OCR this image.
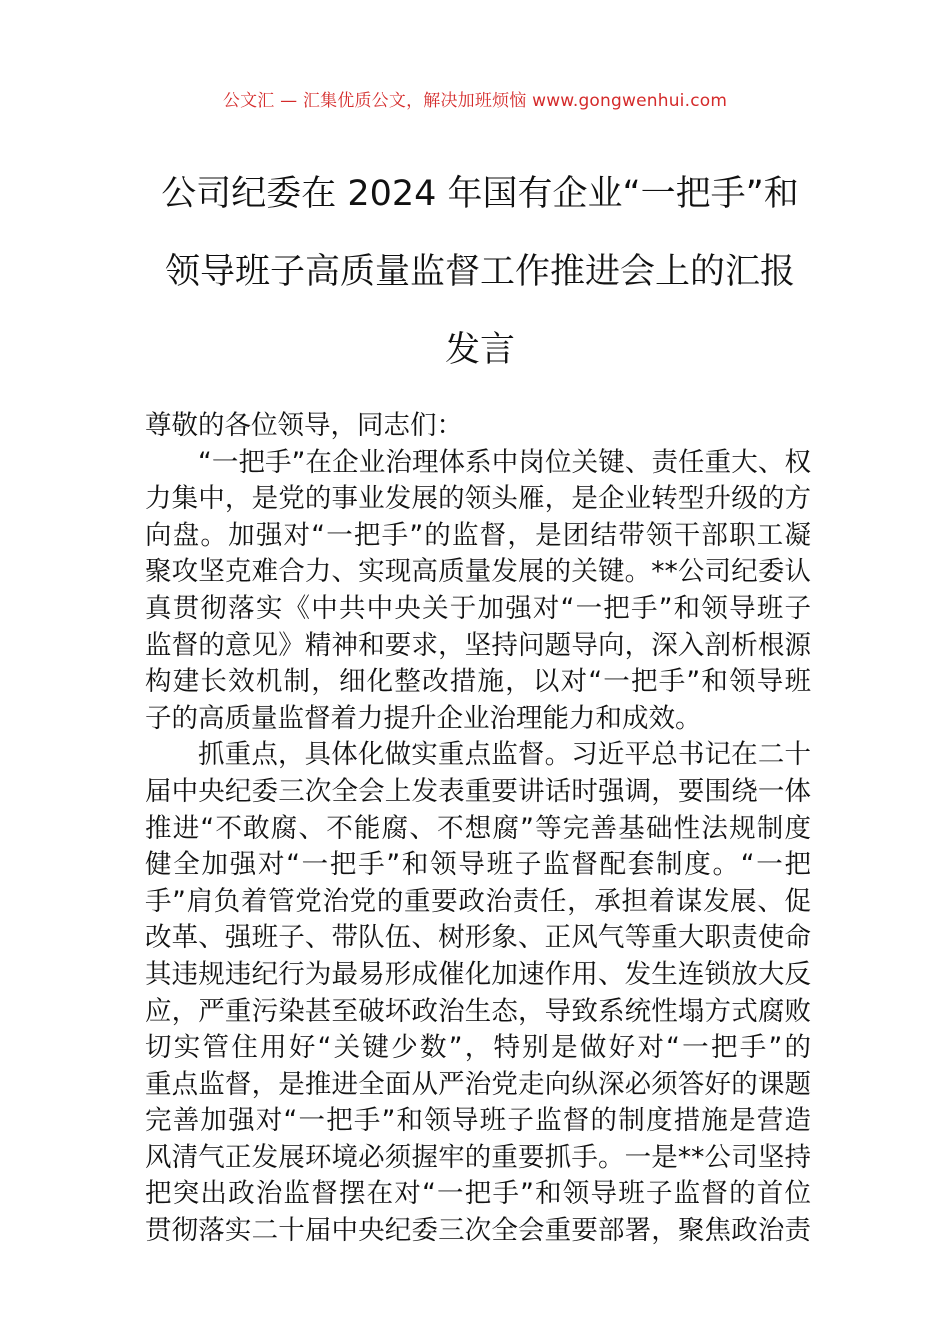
公文汇 — 汇集优质公文，解决加班烦恼 www.gongwenhui.com
公司纪委在 2024 年国有企业“一把手”和
领导班子高质量监督工作推进会上的汇报
发言
尊敬的各位领导，同志们：
“一把手”在企业治理体系中岗位关键、责任重大、权
力集中，是党的事业发展的领头雁，是企业转型升级的方
向盘。加强对“一把手”的监督，是团结带领干部职工凝
聚攻坚克难合力、实现高质量发展的关键。**公司纪委认
真贯彻落实《中共中央关于加强对“一把手”和领导班子
监督的意见》精神和要求，坚持问题导向，深入剖析根源
构建长效机制，细化整改措施，以对“一把手”和领导班
子的高质量监督着力提升企业治理能力和成效。
抓重点，具体化做实重点监督。习近平总书记在二十
届中央纪委三次全会上发表重要讲话时强调，要围绕一体
推进“不敢腐、不能腐、不想腐”等完善基础性法规制度
健全加强对“一把手”和领导班子监督配套制度。“一把
手”肩负着管党治党的重要政治责任，承担着谋发展、促
改革、强班子、带队伍、树形象、正风气等重大职责使命
其违规违纪行为最易形成催化加速作用、发生连锁放大反
应，严重污染甚至破坏政治生态，导致系统性塌方式腐败
切实管住用好“关键少数”，特别是做好对“一把手”的
重点监督，是推进全面从严治党走向纵深必须答好的课题
完善加强对“一把手”和领导班子监督的制度措施是营造
风清气正发展环境必须握牢的重要抓手。一是**公司坚持
把突出政治监督摆在对“一把手”和领导班子监督的首位
贯彻落实二十届中央纪委三次全会重要部署，聚焦政治责
